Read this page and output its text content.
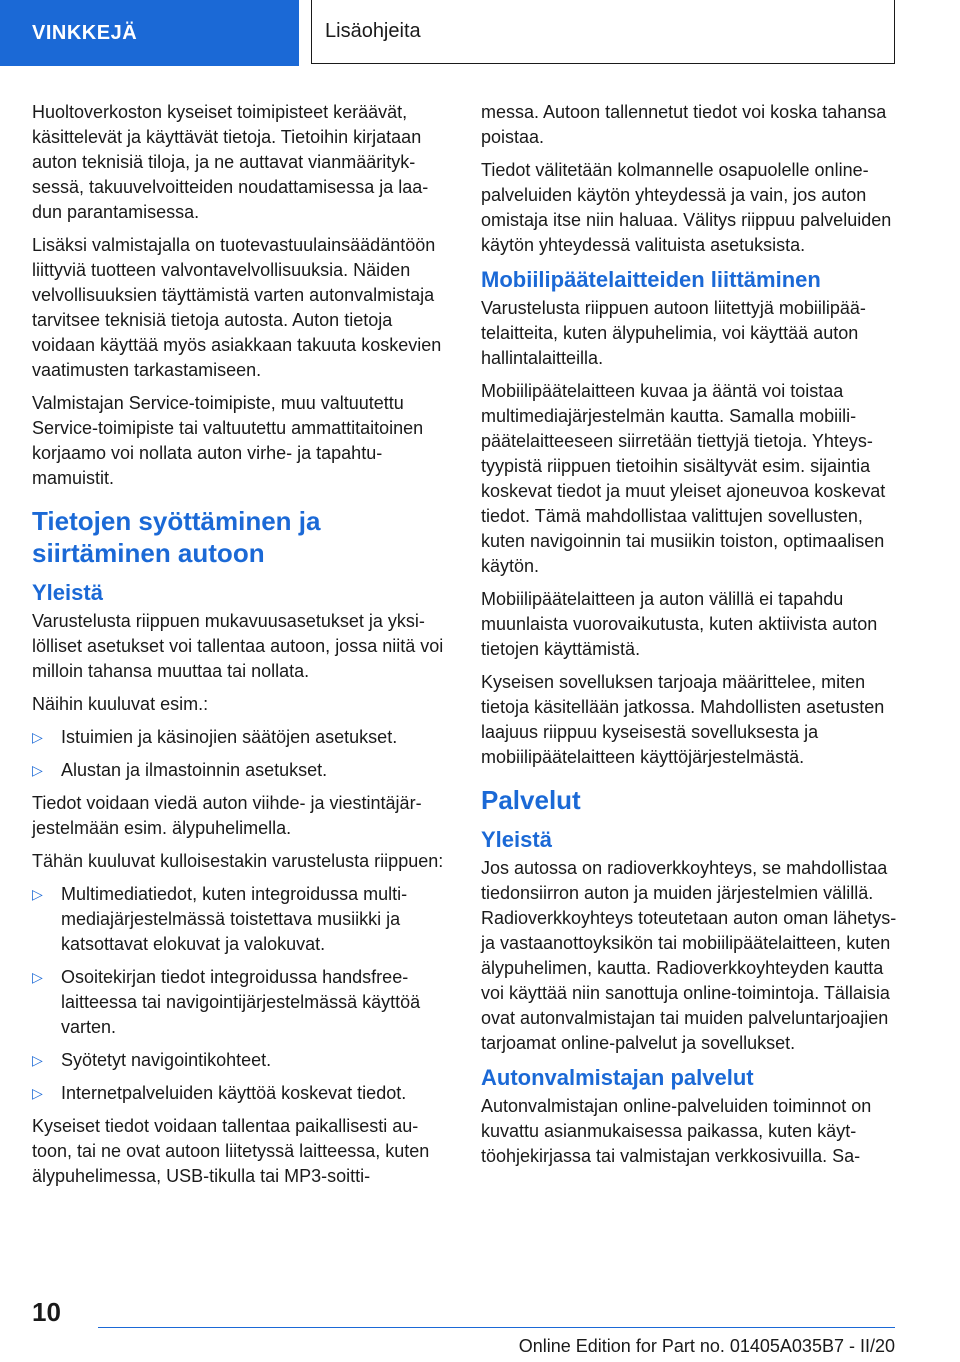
VINKKEJÄ	Lisäohjeita

Huoltoverkoston kyseiset toimipisteet keräävät, käsittelevät ja käyttävät tietoja. Tietoihin kirjataan auton teknisiä tiloja, ja ne auttavat vianmäärityksessä, takuuvelvoitteiden noudattamisessa ja laadun parantamisessa.

Lisäksi valmistajalla on tuotevastuulainsäädäntöön liittyviä tuotteen valvontavelvollisuuksia. Näiden velvollisuuksien täyttämistä varten autonvalmistaja tarvitsee teknisiä tietoja autosta. Auton tietoja voidaan käyttää myös asiakkaan takuuta koskevien vaatimusten tarkastamiseen.

Valmistajan Service-toimipiste, muu valtuutettu Service-toimipiste tai valtuutettu ammattitaitoinen korjaamo voi nollata auton virhe- ja tapahtumamuistit.

Tietojen syöttäminen ja siirtäminen autoon
Yleistä

Varustelusta riippuen mukavuusasetukset ja yksilölliset asetukset voi tallentaa autoon, jossa niitä voi milloin tahansa muuttaa tai nollata.

Näihin kuuluvat esim.:

▷ Istuimien ja käsinojien säätöjen asetukset.
▷ Alustan ja ilmastoinnin asetukset.

Tiedot voidaan viedä auton viihde- ja viestintäjärjestelmään esim. älypuhelimella.

Tähän kuuluvat kulloisestakin varustelusta riippuen:

▷ Multimediatiedot, kuten integroidussa multimediajärjestelmässä toistettava musiikki ja katsottavat elokuvat ja valokuvat.
▷ Osoitekirjan tiedot integroidussa handsfree-laitteessa tai navigointijärjestelmässä käyttöä varten.
▷ Syötetyt navigointikohteet.
▷ Internetpalveluiden käyttöä koskevat tiedot.

Kyseiset tiedot voidaan tallentaa paikallisesti autoon, tai ne ovat autoon liitetyssä laitteessa, kuten älypuhelimessa, USB-tikulla tai MP3-soitti-

messa. Autoon tallennetut tiedot voi koska tahansa poistaa.

Tiedot välitetään kolmannelle osapuolelle online-palveluiden käytön yhteydessä ja vain, jos auton omistaja itse niin haluaa. Välitys riippuu palveluiden käytön yhteydessä valituista asetuksista.

Mobiilipäätelaitteiden liittäminen

Varustelusta riippuen autoon liitettyjä mobiilipäätelaitteita, kuten älypuhelimia, voi käyttää auton hallintalaitteilla.

Mobiilipäätelaitteen kuvaa ja ääntä voi toistaa multimediajärjestelmän kautta. Samalla mobiilipäätelaitteeseen siirretään tiettyjä tietoja. Yhteystyypistä riippuen tietoihin sisältyvät esim. sijaintia koskevat tiedot ja muut yleiset ajoneuvoa koskevat tiedot. Tämä mahdollistaa valittujen sovellusten, kuten navigoinnin tai musiikin toiston, optimaalisen käytön.

Mobiilipäätelaitteen ja auton välillä ei tapahdu muunlaista vuorovaikutusta, kuten aktiivista auton tietojen käyttämistä.

Kyseisen sovelluksen tarjoaja määrittelee, miten tietoja käsitellään jatkossa. Mahdollisten asetusten laajuus riippuu kyseisestä sovelluksesta ja mobiilipäätelaitteen käyttöjärjestelmästä.

Palvelut
Yleistä

Jos autossa on radioverkkoyhteys, se mahdollistaa tiedonsiirron auton ja muiden järjestelmien välillä. Radioverkkoyhteys toteutetaan auton oman lähetys- ja vastaanottoyksikön tai mobiilipäätelaitteen, kuten älypuhelimen, kautta. Radioverkkoyhteyden kautta voi käyttää niin sanottuja online-toimintoja. Tällaisia ovat autonvalmistajan tai muiden palveluntarjoajien tarjoamat online-palvelut ja sovellukset.

Autonvalmistajan palvelut

Autonvalmistajan online-palveluiden toiminnot on kuvattu asianmukaisessa paikassa, kuten käyttöohjekirjassa tai valmistajan verkkosivuilla. Sa-

10
Online Edition for Part no. 01405A035B7 - II/20
